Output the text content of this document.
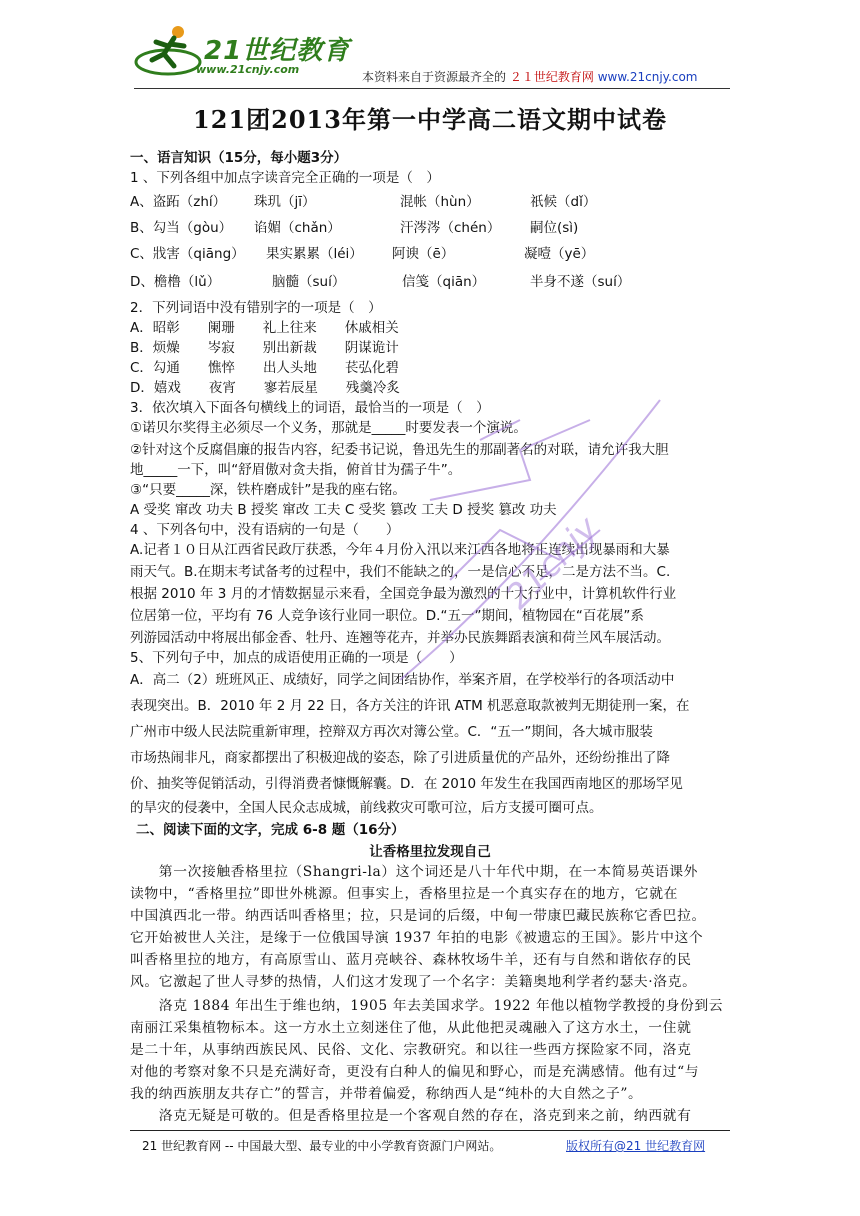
21世纪教育
www.21cnjy.com
本资料来自于资源最齐全的 ２１世纪教育网 www.21cnjy.com
121团2013年第一中学高二语文期中试卷
一、语言知识（15分，每小题3分）
1 、下列各组中加点字读音完全正确的一项是（　）
A、盗跖（zhí） 珠玑（jī）	混帐（hùn）	祇候（dǐ）
B、勾当（gòu） 谄媚（chǎn）	汗涔涔（chén） 嗣位(sì)
C、戕害（qiāng） 果实累累（léi） 阿谀（ē）	凝噎（yē）
D、檐橹（lǔ）	脑髓（suí）	信笺（qiān）	半身不遂（suí）
2．下列词语中没有错别字的一项是（　）
A．昭彰 阑珊 礼上往来 休戚相关
B．烦燥 岑寂 别出新裁 阴谋诡计
C．勾通 憔悴 出人头地 苌弘化碧
D．嬉戏 夜宵 寥若辰星 残羹冷炙
3．依次填入下面各句横线上的词语，最恰当的一项是（　）
①诺贝尔奖得主必须尽一个义务，那就是_____时要发表一个演说。
②针对这个反腐倡廉的报告内容，纪委书记说，鲁迅先生的那副著名的对联，请允许我大胆
地_____一下，叫“舒眉傲对贪夫指，俯首甘为孺子牛”。
③“只要_____深，铁杵磨成针”是我的座右铭。
A 受奖 窜改 功夫 B 授奖 窜改 工夫 C 受奖 篡改 工夫 D 授奖 篡改 功夫
4 、下列各句中，没有语病的一句是（　　）
A.记者１０日从江西省民政厅获悉，今年４月份入汛以来江西各地将正连续出现暴雨和大暴
雨天气。B.在期末考试备考的过程中，我们不能缺之的，一是信心不足，二是方法不当。C.
根据 2010 年 3 月的才情数据显示来看，全国竞争最为激烈的十大行业中，计算机软件行业
位居第一位，平均有 76 人竞争该行业同一职位。D.“五一”期间，植物园在“百花展”系
列游园活动中将展出郁金香、牡丹、连翘等花卉，并举办民族舞蹈表演和荷兰风车展活动。
5、下列句子中，加点的成语使用正确的一项是（　　）
A．高二（2）班班风正、成绩好，同学之间团结协作，举案齐眉，在学校举行的各项活动中
表现突出。B．2010 年 2 月 22 日，各方关注的许讯 ATM 机恶意取款被判无期徒刑一案，在
广州市中级人民法院重新审理，控辩双方再次对簿公堂。C．“五一”期间，各大城市服装
市场热闹非凡，商家都摆出了积极迎战的姿态，除了引进质量优的产品外，还纷纷推出了降
价、抽奖等促销活动，引得消费者慷慨解囊。D．在 2010 年发生在我国西南地区的那场罕见
的旱灾的侵袭中，全国人民众志成城，前线救灾可歌可泣，后方支援可圈可点。
二、阅读下面的文字，完成 6-8 题（16分）
让香格里拉发现自己
　　第一次接触香格里拉（Shangri-la）这个词还是八十年代中期，在一本简易英语课外
读物中，“香格里拉”即世外桃源。但事实上，香格里拉是一个真实存在的地方，它就在
中国滇西北一带。纳西话叫香格里；拉，只是词的后缀，中甸一带康巴藏民族称它香巴拉。
它开始被世人关注，是缘于一位俄国导演 1937 年拍的电影《被遗忘的王国》。影片中这个
叫香格里拉的地方，有高原雪山、蓝月亮峡谷、森林牧场牛羊，还有与自然和谐依存的民
风。它激起了世人寻梦的热情，人们这才发现了一个名字：美籍奥地利学者约瑟夫·洛克。
　　洛克 1884 年出生于维也纳，1905 年去美国求学。1922 年他以植物学教授的身份到云
南丽江采集植物标本。这一方水土立刻迷住了他，从此他把灵魂融入了这方水土，一住就
是二十年，从事纳西族民风、民俗、文化、宗教研究。和以往一些西方探险家不同，洛克
对他的考察对象不只是充满好奇，更没有白种人的偏见和野心，而是充满感情。他有过“与
我的纳西族朋友共存亡”的誓言，并带着偏爱，称纳西人是“纯朴的大自然之子”。
　　洛克无疑是可敬的。但是香格里拉是一个客观自然的存在，洛克到来之前，纳西就有
21cnjy
21 世纪教育网 -- 中国最大型、最专业的中小学教育资源门户网站。	版权所有@21 世纪教育网
